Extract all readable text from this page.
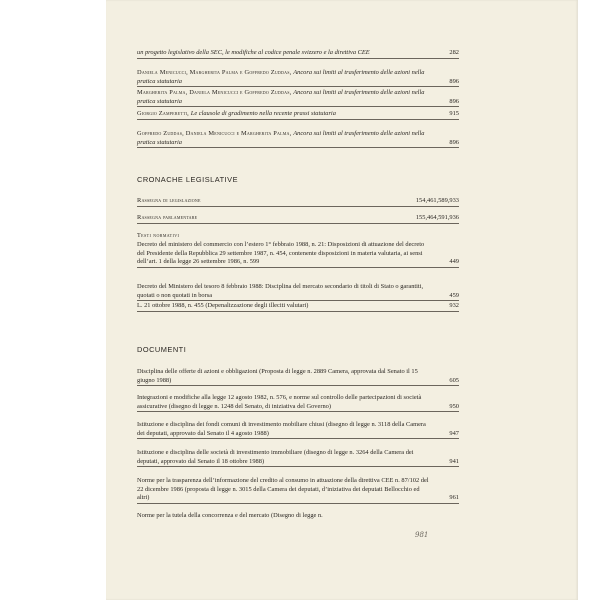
un progetto legislativo della SEC, le modifiche al codice penale svizzero e la direttiva CEE	282
Daniela Menicucci, Margherita Palma e Goffredo Zuddas, Ancora sui limiti al trasferimento delle azioni nella pratica statutaria	896
Margherita Palma, Daniela Menicucci e Goffredo Zuddas, Ancora sui limiti al trasferimento delle azioni nella pratica statutaria	896
Giorgio Zamperetti, Le clausole di gradimento nella recente prassi statutaria	915
Goffredo Zuddas, Daniela Menicucci e Margherita Palma, Ancora sui limiti al trasferimento delle azioni nella pratica statutaria	896
CRONACHE LEGISLATIVE
Rassegna di legislazione	154,461,589,933
Rassegna parlamentare	155,464,591,936
Testi normativi
Decreto del ministero del commercio con l’estero 1° febbraio 1988, n. 21: Disposizioni di attuazione del decreto del Presidente della Repubblica 29 settembre 1987, n. 454, contenente disposizioni in materia valutaria, ai sensi dell’art. 1 della legge 26 settembre 1986, n. 599	449
Decreto del Ministero del tesoro 8 febbraio 1988: Disciplina del mercato secondario di titoli di Stato o garantiti, quotati o non quotati in borsa	459
L. 21 ottobre 1988, n. 455 (Depenalizzazione degli illeciti valutari)	932
DOCUMENTI
Disciplina delle offerte di azioni e obbligazioni (Proposta di legge n. 2889 Camera, approvata dal Senato il 15 giugno 1988)	605
Integrazioni e modifiche alla legge 12 agosto 1982, n. 576, e norme sul controllo delle partecipazioni di società assicurative (disegno di legge n. 1248 del Senato, di iniziativa del Governo)	950
Istituzione e disciplina dei fondi comuni di investimento mobiliare chiusi (disegno di legge n. 3118 della Camera dei deputati, approvato dal Senato il 4 agosto 1988)	947
Istituzione e disciplina delle società di investimento immobiliare (disegno di legge n. 3264 della Camera dei deputati, approvato dal Senato il 18 ottobre 1988)	941
Norme per la trasparenza dell’informazione del credito al consumo in attuazione della direttiva CEE n. 87/102 del 22 dicembre 1986 (proposta di legge n. 3015 della Camera dei deputati, d’iniziativa dei deputati Bellocchio ed altri)	961
Norme per la tutela della concorrenza e del mercato (Disegno di legge n.
981
